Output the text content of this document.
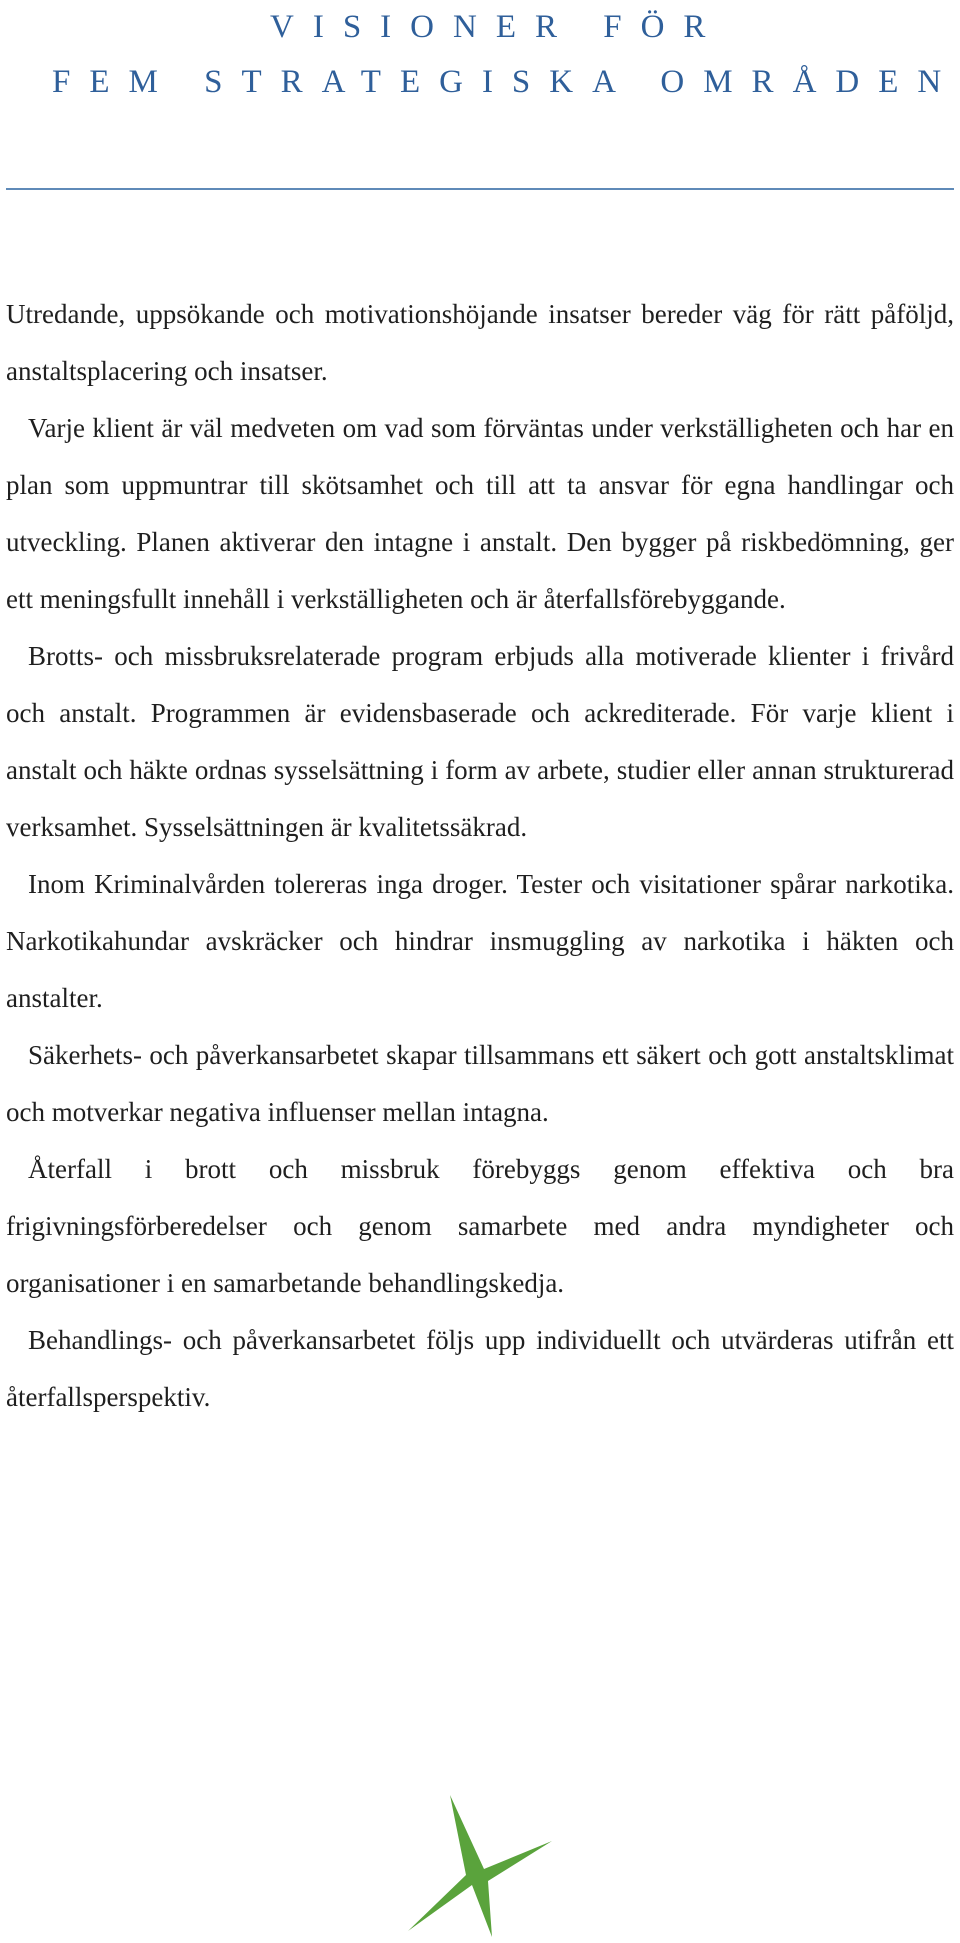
VISIONER FÖR
FEM STRATEGISKA OMRÅDEN

Utredande, uppsökande och motivationshöjande insatser bereder väg för rätt påföljd, anstaltsplacering och insatser.

Varje klient är väl medveten om vad som förväntas under verkställigheten och har en plan som uppmuntrar till skötsamhet och till att ta ansvar för egna handlingar och utveckling. Planen aktiverar den intagne i anstalt. Den bygger på riskbedömning, ger ett meningsfullt innehåll i verkställigheten och är återfallsförebyggande.

Brotts- och missbruksrelaterade program erbjuds alla motiverade klienter i frivård och anstalt. Programmen är evidensbaserade och ackrediterade. För varje klient i anstalt och häkte ordnas sysselsättning i form av arbete, studier eller annan strukturerad verksamhet. Sysselsättningen är kvalitetssäkrad.

Inom Kriminalvården tolereras inga droger. Tester och visitationer spårar narkotika. Narkotikahundar avskräcker och hindrar insmuggling av narkotika i häkten och anstalter.

Säkerhets- och påverkansarbetet skapar tillsammans ett säkert och gott anstaltsklimat och motverkar negativa influenser mellan intagna.

Återfall i brott och missbruk förebyggs genom effektiva och bra frigivningsförberedelser och genom samarbete med andra myndigheter och organisationer i en samarbetande behandlingskedja.

Behandlings- och påverkansarbetet följs upp individuellt och utvärderas utifrån ett återfallsperspektiv.
